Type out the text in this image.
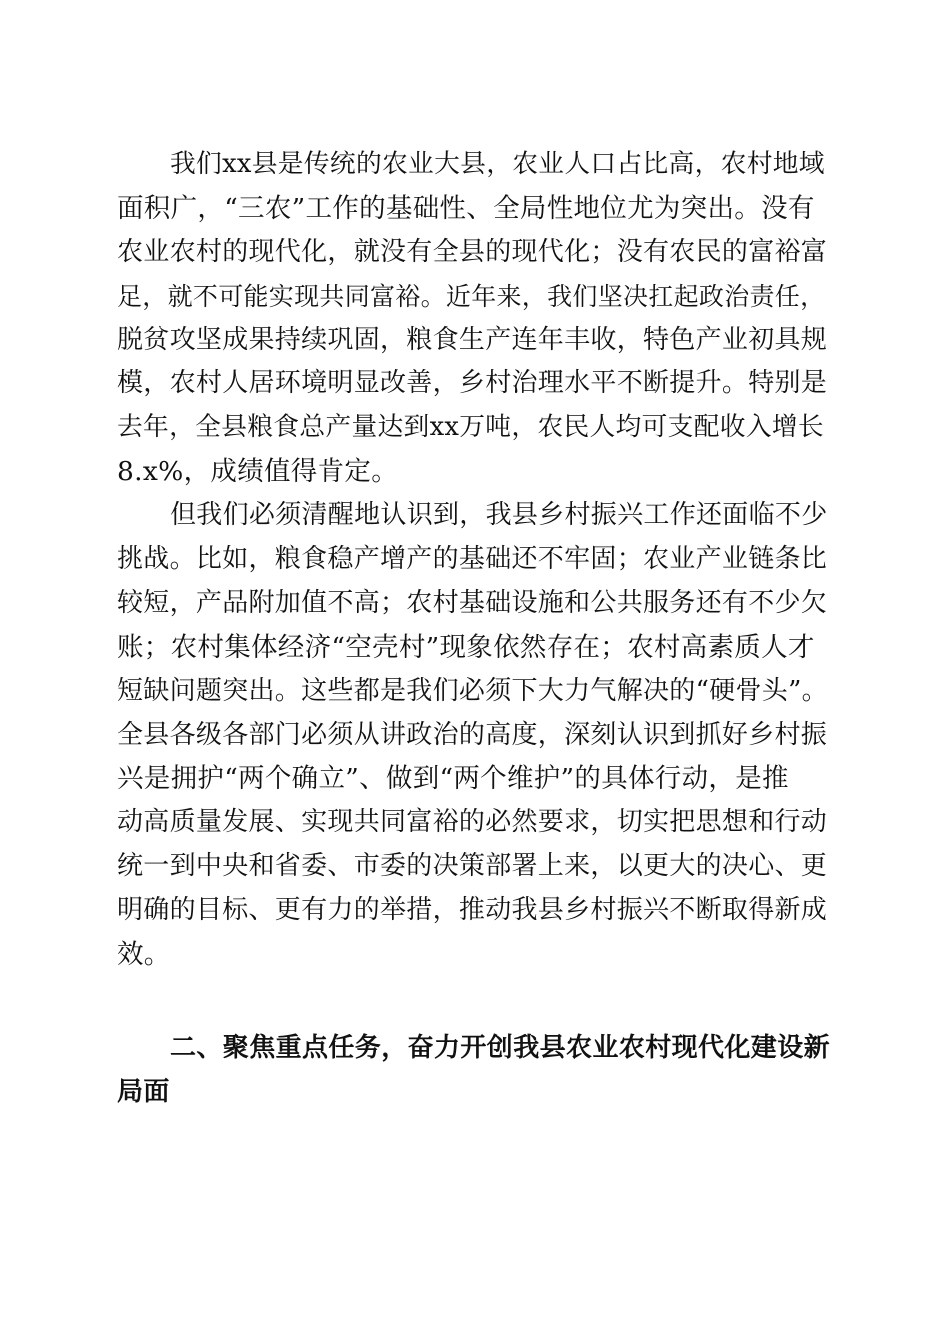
我们xx县是传统的农业大县，农业人口占比高，农村地域
面积广，“三农”工作的基础性、全局性地位尤为突出。没有
农业农村的现代化，就没有全县的现代化；没有农民的富裕富
足，就不可能实现共同富裕。近年来，我们坚决扛起政治责任，
脱贫攻坚成果持续巩固，粮食生产连年丰收，特色产业初具规
模，农村人居环境明显改善，乡村治理水平不断提升。特别是
去年，全县粮食总产量达到xx万吨，农民人均可支配收入增长
8.x%，成绩值得肯定。
但我们必须清醒地认识到，我县乡村振兴工作还面临不少
挑战。比如，粮食稳产增产的基础还不牢固；农业产业链条比
较短，产品附加值不高；农村基础设施和公共服务还有不少欠
账；农村集体经济“空壳村”现象依然存在；农村高素质人才
短缺问题突出。这些都是我们必须下大力气解决的“硬骨头”。
全县各级各部门必须从讲政治的高度，深刻认识到抓好乡村振
兴是拥护“两个确立”、做到“两个维护”的具体行动，是推
动高质量发展、实现共同富裕的必然要求，切实把思想和行动
统一到中央和省委、市委的决策部署上来，以更大的决心、更
明确的目标、更有力的举措，推动我县乡村振兴不断取得新成
效。
二、聚焦重点任务，奋力开创我县农业农村现代化建设新
局面
